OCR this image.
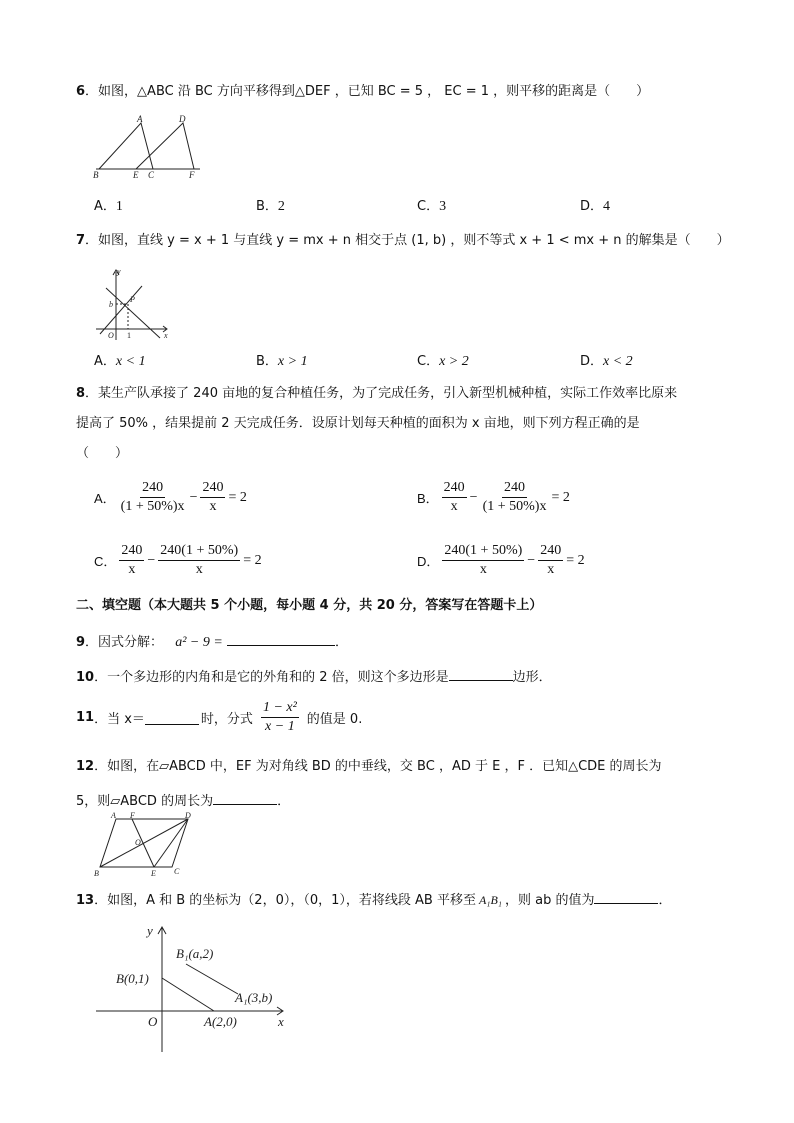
6．如图，△ABC 沿 BC 方向平移得到△DEF ，已知 BC = 5 ， EC = 1 ，则平移的距离是（　　）
A	D
B	E C	F
A．1	B．2	C．3	D．4
7．如图，直线 y = x + 1 与直线 y = mx + n 相交于点 (1, b) ，则不等式 x + 1 < mx + n 的解集是（　　）
y
b
P
O 1	x
A．x < 1	B．x > 1	C．x > 2	D．x < 2
8．某生产队承接了 240 亩地的复合种植任务，为了完成任务，引入新型机械种植，实际工作效率比原来
提高了 50% ，结果提前 2 天完成任务．设原计划每天种植的面积为 x 亩地，则下列方程正确的是
（　　）
A． $\frac{240}{(1 + 50\%)x} - \frac{240}{x} = 2$	B． $\frac{240}{x} - \frac{240}{(1 + 50\%)x} = 2$
C． $\frac{240}{x} - \frac{240(1 + 50\%)}{x} = 2$	D． $\frac{240(1 + 50\%)}{x} - \frac{240}{x} = 2$
二、填空题（本大题共 5 个小题，每小题 4 分，共 20 分，答案写在答题卡上）
9．因式分解： a² − 9 =	．
10．一个多边形的内角和是它的外角和的 2 倍，则这个多边形是	边形．
11 ．当 x＝	时，分式 $\frac{\text{1 − x²}}{x - 1}$ 的值是 0.
12．如图，在▱ABCD 中，EF 为对角线 BD 的中垂线，交 BC ，AD 于 E ，F ．已知△CDE 的周长为
5，则▱ABCD 的周长为	．
A F	D
O
B	E C
13．如图，A 和 B 的坐标为（2，0），（0，1），若将线段 AB 平移至 A₁B₁ ，则 ab 的值为	．
y
B₁(a,2)
B(0,1)
A₁(3,b)
O	A(2,0)	x
